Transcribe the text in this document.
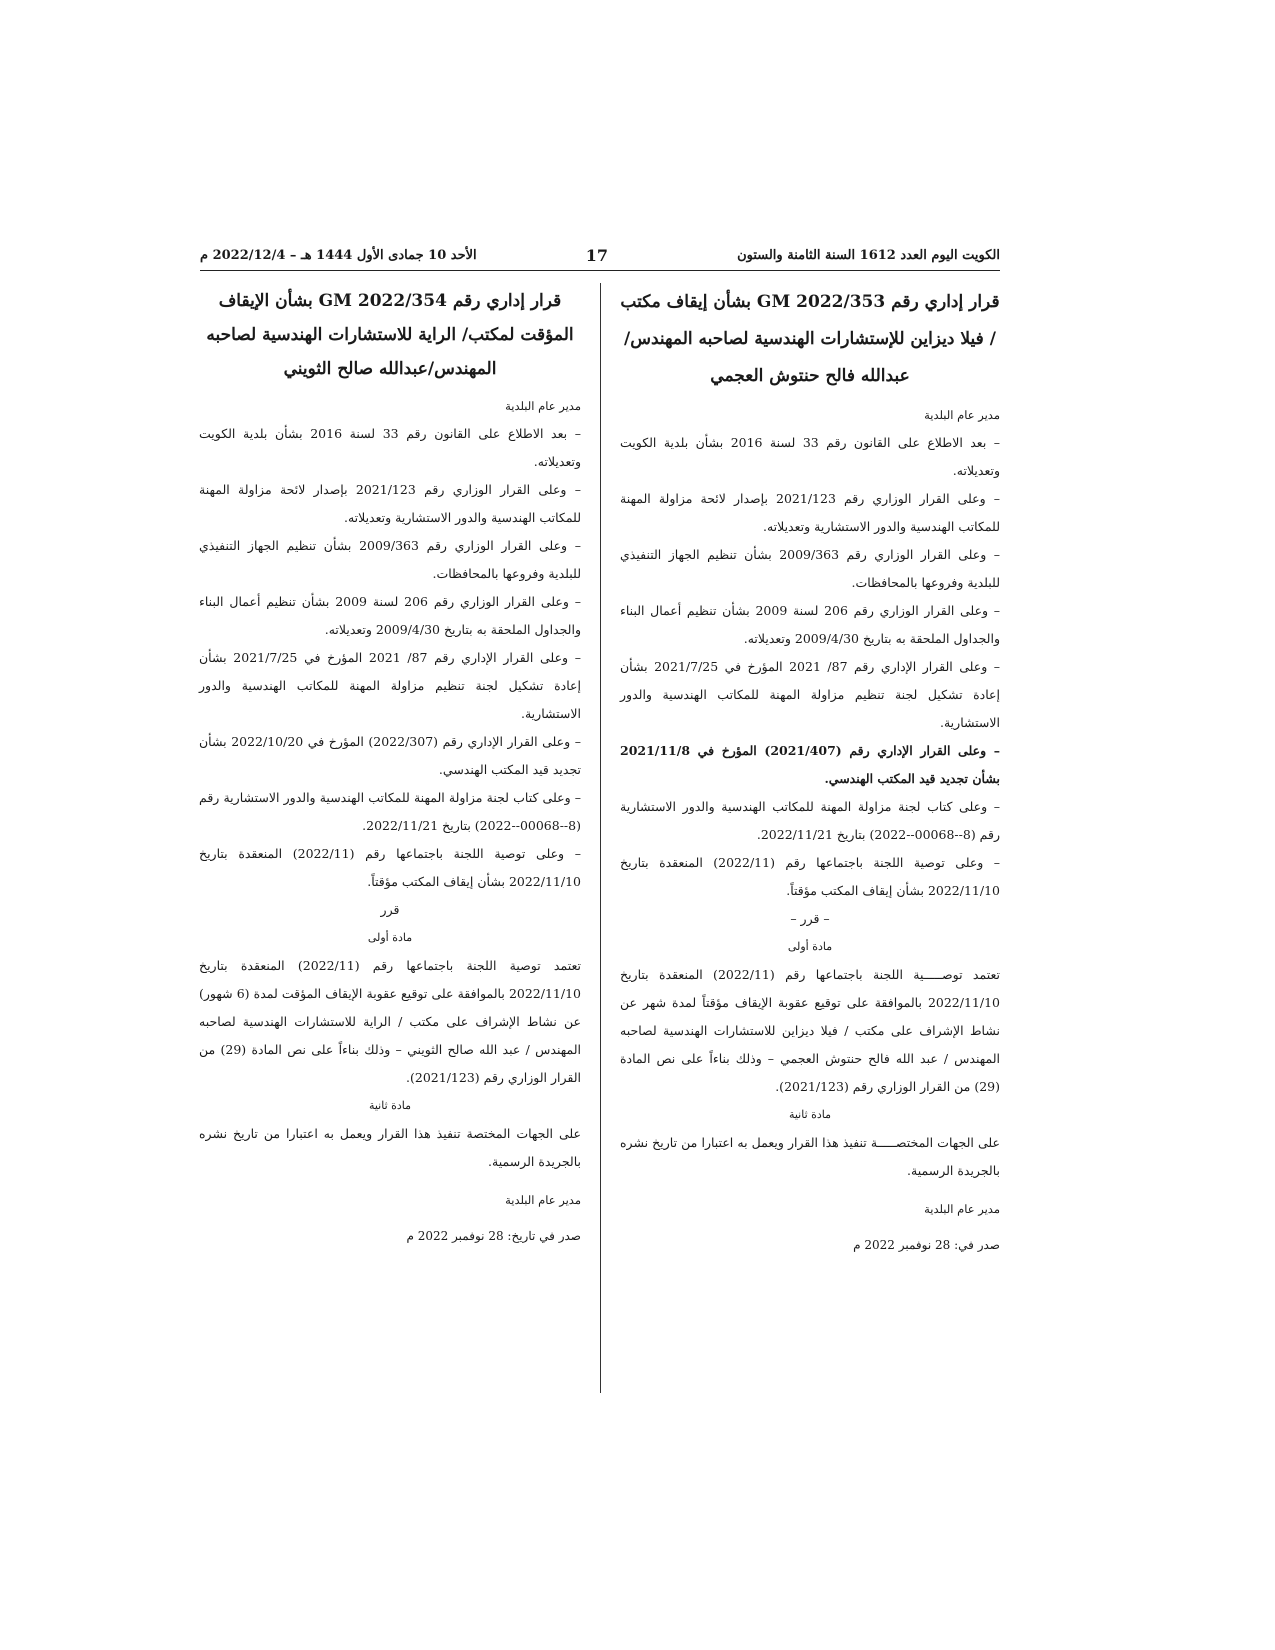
الكويت اليوم العدد 1612 السنة الثامنة والستون
17
الأحد 10 جمادى الأول 1444 هـ – 2022/12/4 م
قرار إداري رقم GM 2022/353 بشأن إيقاف مكتب / فيلا ديزاين للإستشارات الهندسية لصاحبه المهندس/عبدالله فالح حنتوش العجمي

مدير عام البلدية

– بعد الاطلاع على القانون رقم 33 لسنة 2016 بشأن بلدية الكويت وتعديلاته.

– وعلى القرار الوزاري رقم 2021/123 بإصدار لائحة مزاولة المهنة للمكاتب الهندسية والدور الاستشارية وتعديلاته.

– وعلى القرار الوزاري رقم 2009/363 بشأن تنظيم الجهاز التنفيذي للبلدية وفروعها بالمحافظات.

– وعلى القرار الوزاري رقم 206 لسنة 2009 بشأن تنظيم أعمال البناء والجداول الملحقة به بتاريخ 2009/4/30 وتعديلاته.

– وعلى القرار الإداري رقم 87/ 2021 المؤرخ في 2021/7/25 بشأن إعادة تشكيل لجنة تنظيم مزاولة المهنة للمكاتب الهندسية والدور الاستشارية.

– وعلى القرار الإداري رقم (2021/407) المؤرخ في 2021/11/8 بشأن تجديد قيد المكتب الهندسي.

– وعلى كتاب لجنة مزاولة المهنة للمكاتب الهندسية والدور الاستشارية رقم (8--00068--2022) بتاريخ 2022/11/21.

– وعلى توصية اللجنة باجتماعها رقم (2022/11) المنعقدة بتاريخ 2022/11/10 بشأن إيقاف المكتب مؤقتاً.

– قرر –

مادة أولى

تعتمد توصـــــية اللجنة باجتماعها رقم (2022/11) المنعقدة بتاريخ 2022/11/10 بالموافقة على توقيع عقوبة الإيقاف مؤقتاً لمدة شهر عن نشاط الإشراف على مكتب / فيلا ديزاين للاستشارات الهندسية لصاحبه المهندس / عبد الله فالح حنتوش العجمي – وذلك بناءاً على نص المادة (29) من القرار الوزاري رقم (2021/123).

مادة ثانية

على الجهات المختصـــــة تنفيذ هذا القرار ويعمل به اعتبارا من تاريخ نشره بالجريدة الرسمية.

مدير عام البلدية

صدر في: 28 نوفمبر 2022 م

قرار إداري رقم GM 2022/354 بشأن الإيقاف المؤقت لمكتب/ الراية للاستشارات الهندسية لصاحبه المهندس/عبدالله صالح الثويني

مدير عام البلدية

– بعد الاطلاع على القانون رقم 33 لسنة 2016 بشأن بلدية الكويت وتعديلاته.

– وعلى القرار الوزاري رقم 2021/123 بإصدار لائحة مزاولة المهنة للمكاتب الهندسية والدور الاستشارية وتعديلاته.

– وعلى القرار الوزاري رقم 2009/363 بشأن تنظيم الجهاز التنفيذي للبلدية وفروعها بالمحافظات.

– وعلى القرار الوزاري رقم 206 لسنة 2009 بشأن تنظيم أعمال البناء والجداول الملحقة به بتاريخ 2009/4/30 وتعديلاته.

– وعلى القرار الإداري رقم 87/ 2021 المؤرخ في 2021/7/25 بشأن إعادة تشكيل لجنة تنظيم مزاولة المهنة للمكاتب الهندسية والدور الاستشارية.

– وعلى القرار الإداري رقم (2022/307) المؤرخ في 2022/10/20 بشأن تجديد قيد المكتب الهندسي.

– وعلى كتاب لجنة مزاولة المهنة للمكاتب الهندسية والدور الاستشارية رقم (8--00068--2022) بتاريخ 2022/11/21.

– وعلى توصية اللجنة باجتماعها رقم (2022/11) المنعقدة بتاريخ 2022/11/10 بشأن إيقاف المكتب مؤقتاً.

قرر

مادة أولى

تعتمد توصية اللجنة باجتماعها رقم (2022/11) المنعقدة بتاريخ 2022/11/10 بالموافقة على توقيع عقوبة الإيقاف المؤقت لمدة (6 شهور) عن نشاط الإشراف على مكتب / الراية للاستشارات الهندسية لصاحبه المهندس / عبد الله صالح الثويني – وذلك بناءاً على نص المادة (29) من القرار الوزاري رقم (2021/123).

مادة ثانية

على الجهات المختصة تنفيذ هذا القرار ويعمل به اعتبارا من تاريخ نشره بالجريدة الرسمية.

مدير عام البلدية

صدر في تاريخ: 28 نوفمبر 2022 م
